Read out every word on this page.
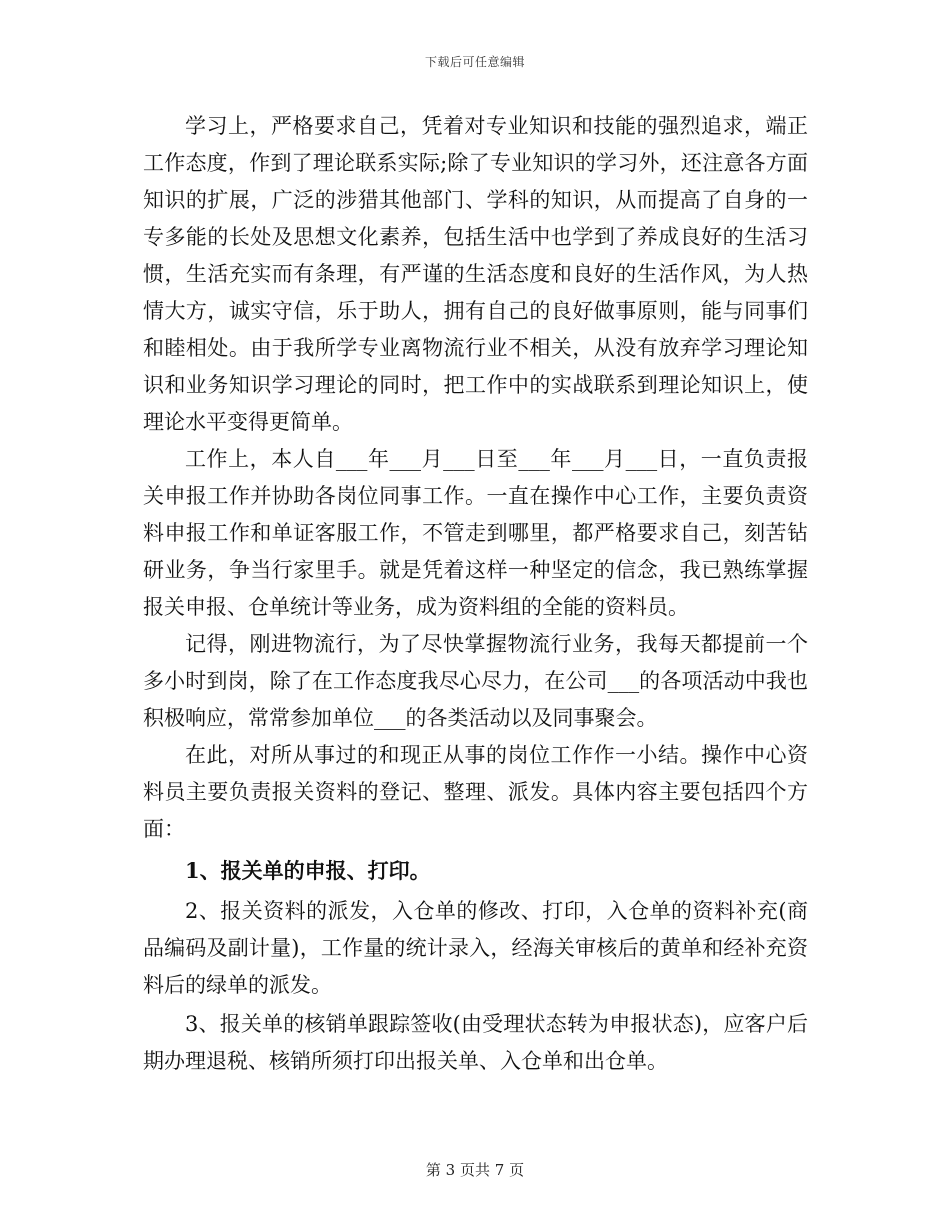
下载后可任意编辑

学习上，严格要求自己，凭着对专业知识和技能的强烈追求，端正工作态度，作到了理论联系实际;除了专业知识的学习外，还注意各方面知识的扩展，广泛的涉猎其他部门、学科的知识，从而提高了自身的一专多能的长处及思想文化素养，包括生活中也学到了养成良好的生活习惯，生活充实而有条理，有严谨的生活态度和良好的生活作风，为人热情大方，诚实守信，乐于助人，拥有自己的良好做事原则，能与同事们和睦相处。由于我所学专业离物流行业不相关，从没有放弃学习理论知识和业务知识学习理论的同时，把工作中的实战联系到理论知识上，使理论水平变得更简单。

工作上，本人自___年___月___日至___年___月___日，一直负责报关申报工作并协助各岗位同事工作。一直在操作中心工作，主要负责资料申报工作和单证客服工作，不管走到哪里，都严格要求自己，刻苦钻研业务，争当行家里手。就是凭着这样一种坚定的信念，我已熟练掌握报关申报、仓单统计等业务，成为资料组的全能的资料员。

记得，刚进物流行，为了尽快掌握物流行业务，我每天都提前一个多小时到岗，除了在工作态度我尽心尽力，在公司___的各项活动中我也积极响应，常常参加单位___的各类活动以及同事聚会。

在此，对所从事过的和现正从事的岗位工作作一小结。操作中心资料员主要负责报关资料的登记、整理、派发。具体内容主要包括四个方面：

1、报关单的申报、打印。

2、报关资料的派发，入仓单的修改、打印，入仓单的资料补充(商品编码及副计量)，工作量的统计录入，经海关审核后的黄单和经补充资料后的绿单的派发。

3、报关单的核销单跟踪签收(由受理状态转为申报状态)，应客户后期办理退税、核销所须打印出报关单、入仓单和出仓单。

第 3 页共 7 页
